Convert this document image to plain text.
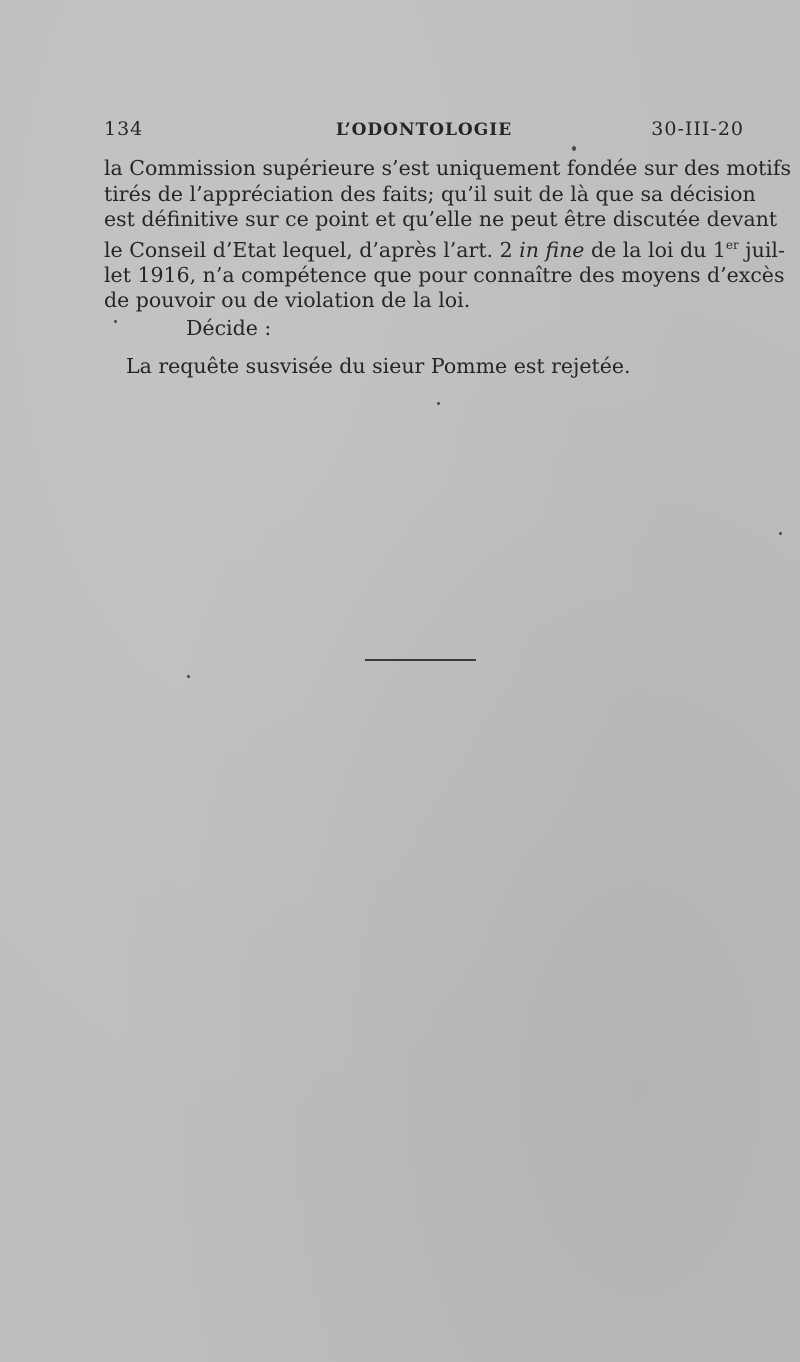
134	L’ODONTOLOGIE	30-III-20

la Commission supérieure s’est uniquement fondée sur des motifs
tirés de l’appréciation des faits; qu’il suit de là que sa décision
est définitive sur ce point et qu’elle ne peut être discutée devant
le Conseil d’Etat lequel, d’après l’art. 2 in fine de la loi du 1er juil-
let 1916, n’a compétence que pour connaître des moyens d’excès
de pouvoir ou de violation de la loi.

Décide :

La requête susvisée du sieur Pomme est rejetée.
